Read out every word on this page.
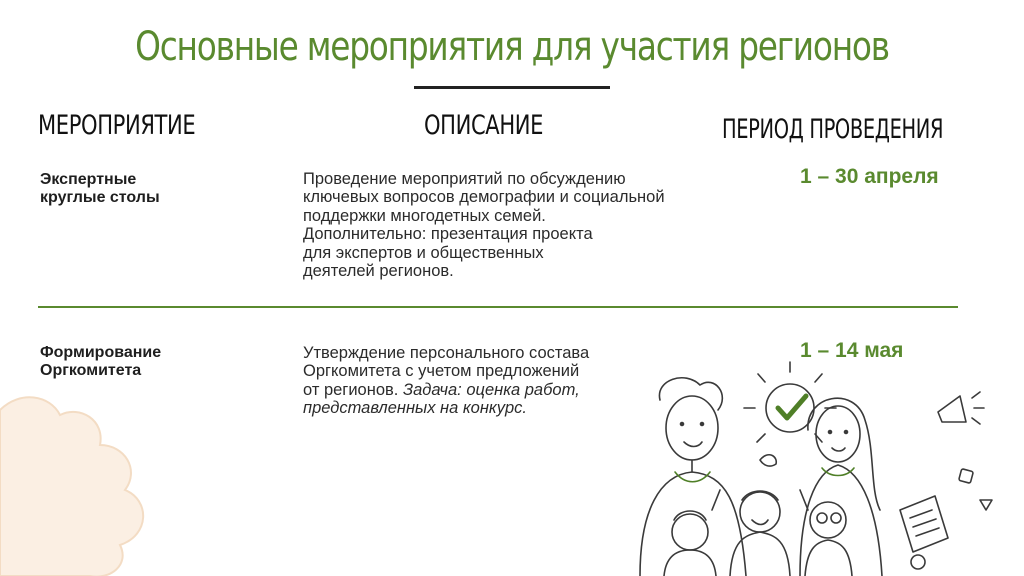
Основные мероприятия для участия регионов
МЕРОПРИЯТИЕ	ОПИСАНИЕ	ПЕРИОД ПРОВЕДЕНИЯ
Экспертные
круглые столы
Проведение мероприятий по обсуждению
ключевых вопросов демографии и социальной
поддержки многодетных семей.
Дополнительно: презентация проекта
для экспертов и общественных
деятелей регионов.
1 – 30 апреля
Формирование
Оргкомитета
Утверждение персонального состава
Оргкомитета с учетом предложений
от регионов. Задача: оценка работ,
представленных на конкурс.
1 – 14 мая
